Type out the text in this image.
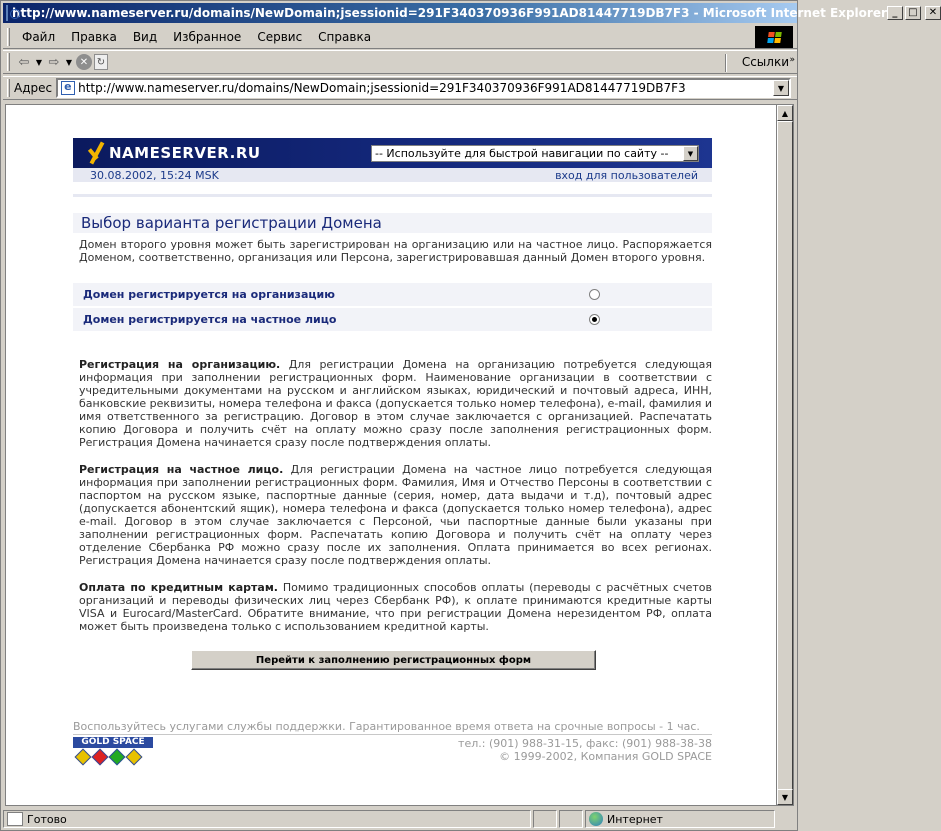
http://www.nameserver.ru/domains/NewDomain;jsessionid=291F340370936F991AD81447719DB7F3 - Microsoft Internet Explorer _	□	✕
Файл	Правка	Вид	Избранное	Сервис	Справка
⇦ ▼ ⇨ ▼ ✕ ↻	Ссылки »
Адрес
e
http://www.nameserver.ru/domains/NewDomain;jsessionid=291F340370936F991AD81447719DB7F3	▼
NAMESERVER.RU	-- Используйте для быстрой навигации по сайту --	▼
30.08.2002, 15:24 MSK	вход для пользователей
Выбор варианта регистрации Домена

Домен второго уровня может быть зарегистрирован на организацию или на частное лицо. Распоряжается Доменом, соответственно, организация или Персона, зарегистрировавшая данный Домен второго уровня.

Домен регистрируется на организацию
Домен регистрируется на частное лицо

Регистрация на организацию. Для регистрации Домена на организацию потребуется следующая информация при заполнении регистрационных форм. Наименование организации в соответствии с учредительными документами на русском и английском языках, юридический и почтовый адреса, ИНН, банковские реквизиты, номера телефона и факса (допускается только номер телефона), e-mail, фамилия и имя ответственного за регистрацию. Договор в этом случае заключается с организацией. Распечатать копию Договора и получить счёт на оплату можно сразу после заполнения регистрационных форм. Регистрация Домена начинается сразу после подтверждения оплаты.

Регистрация на частное лицо. Для регистрации Домена на частное лицо потребуется следующая информация при заполнении регистрационных форм. Фамилия, Имя и Отчество Персоны в соответствии с паспортом на русском языке, паспортные данные (серия, номер, дата выдачи и т.д), почтовый адрес (допускается абонентский ящик), номера телефона и факса (допускается только номер телефона), адрес e-mail. Договор в этом случае заключается с Персоной, чьи паспортные данные были указаны при заполнении регистрационных форм. Распечатать копию Договора и получить счёт на оплату через отделение Сбербанка РФ можно сразу после их заполнения. Оплата принимается во всех регионах. Регистрация Домена начинается сразу после подтверждения оплаты.

Оплата по кредитным картам. Помимо традиционных способов оплаты (переводы с расчётных счетов организаций и переводы физических лиц через Сбербанк РФ), к оплате принимаются кредитные карты VISA и Eurocard/MasterCard. Обратите внимание, что при регистрации Домена нерезидентом РФ, оплата может быть произведена только с использованием кредитной карты.

Перейти к заполнению регистрационных форм
Воспользуйтесь услугами службы поддержки. Гарантированное время ответа на срочные вопросы - 1 час.
GOLD SPACE	тел.: (901) 988-31-15, факс: (901) 988-38-38
© 1999-2002, Компания GOLD SPACE
▲
▼
Готово	Интернет
